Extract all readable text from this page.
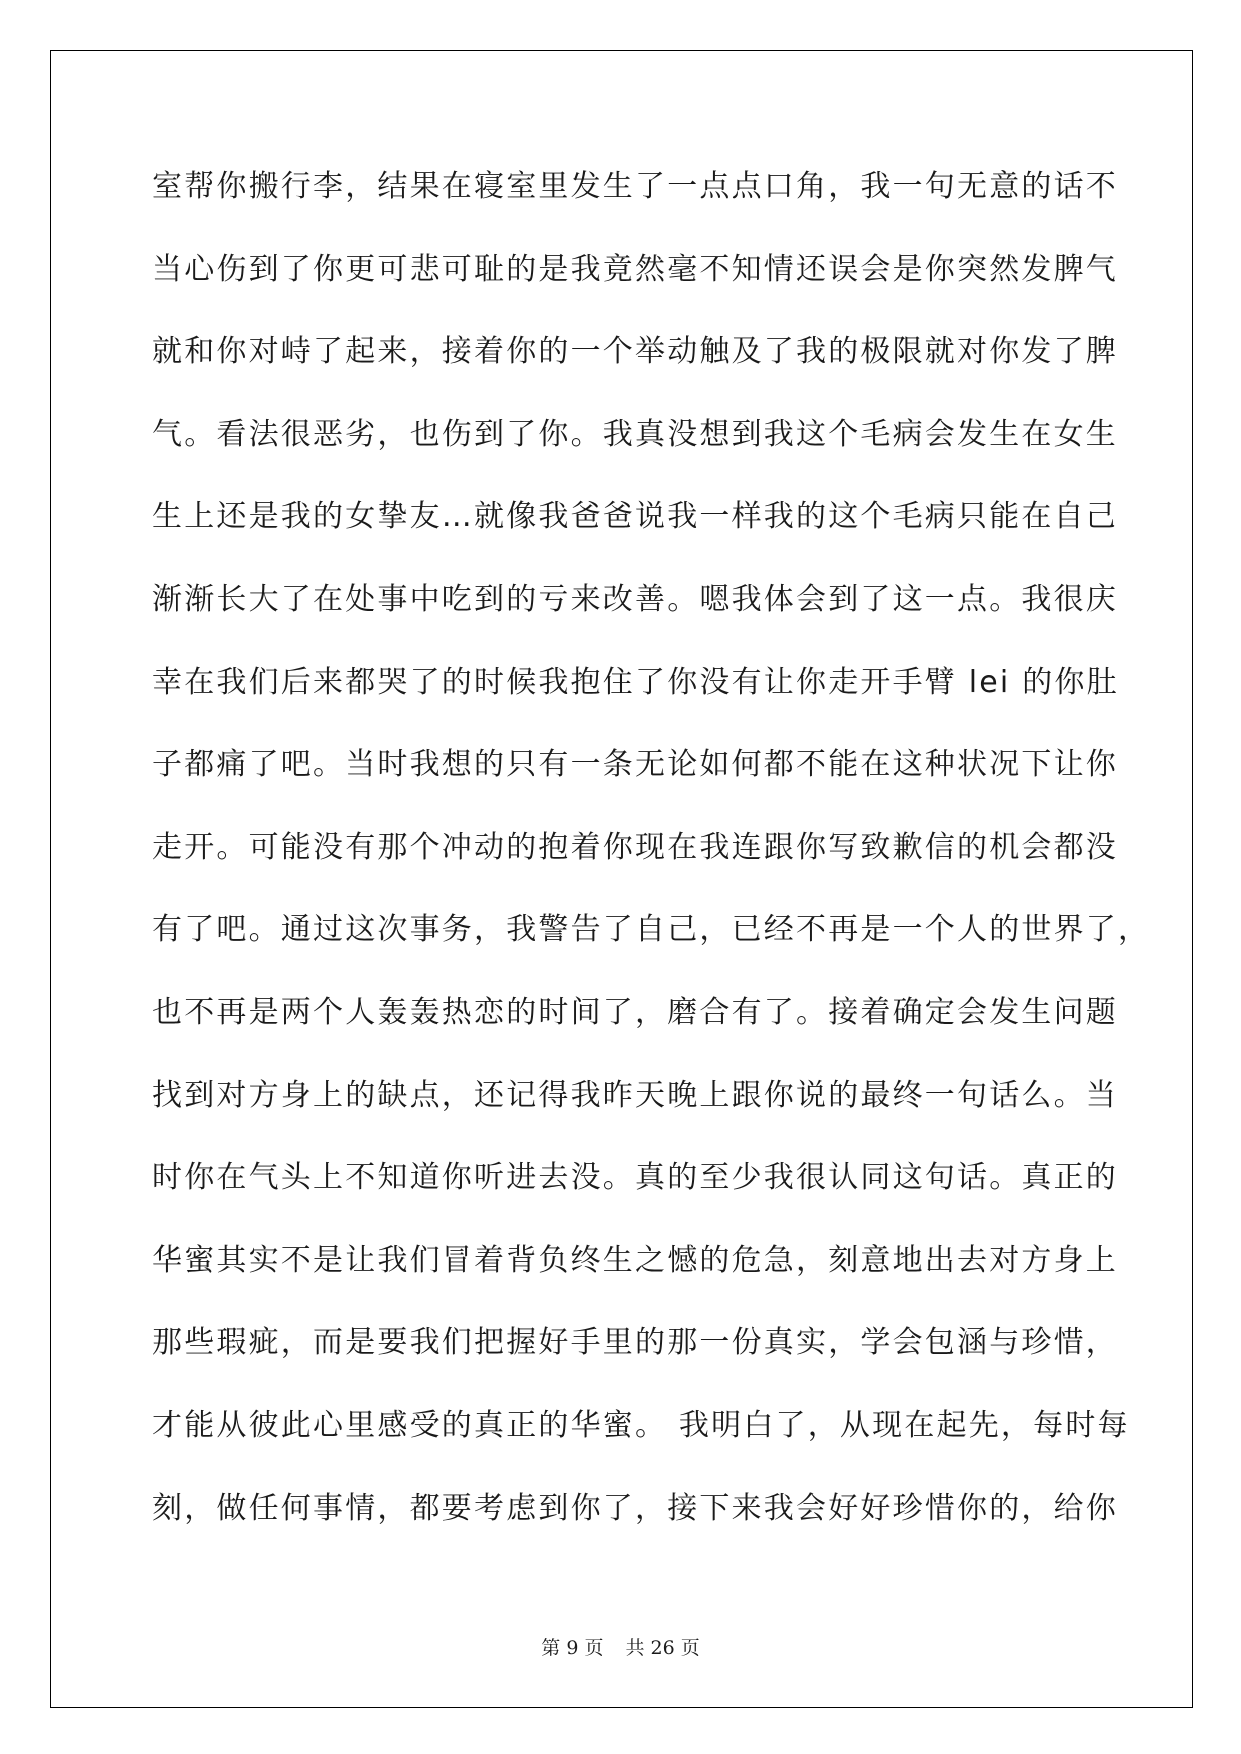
室帮你搬行李，结果在寝室里发生了一点点口角，我一句无意的话不
当心伤到了你更可悲可耻的是我竟然毫不知情还误会是你突然发脾气
就和你对峙了起来，接着你的一个举动触及了我的极限就对你发了脾
气。看法很恶劣，也伤到了你。我真没想到我这个毛病会发生在女生
生上还是我的女挚友…就像我爸爸说我一样我的这个毛病只能在自己
渐渐长大了在处事中吃到的亏来改善。嗯我体会到了这一点。我很庆
幸在我们后来都哭了的时候我抱住了你没有让你走开手臂 lei 的你肚
子都痛了吧。当时我想的只有一条无论如何都不能在这种状况下让你
走开。可能没有那个冲动的抱着你现在我连跟你写致歉信的机会都没
有了吧。通过这次事务，我警告了自己，已经不再是一个人的世界了，
也不再是两个人轰轰热恋的时间了，磨合有了。接着确定会发生问题
找到对方身上的缺点，还记得我昨天晚上跟你说的最终一句话么。当
时你在气头上不知道你听进去没。真的至少我很认同这句话。真正的
华蜜其实不是让我们冒着背负终生之憾的危急，刻意地出去对方身上
那些瑕疵，而是要我们把握好手里的那一份真实，学会包涵与珍惜，
才能从彼此心里感受的真正的华蜜。 我明白了，从现在起先，每时每
刻，做任何事情，都要考虑到你了，接下来我会好好珍惜你的，给你
第 9 页 共 26 页
